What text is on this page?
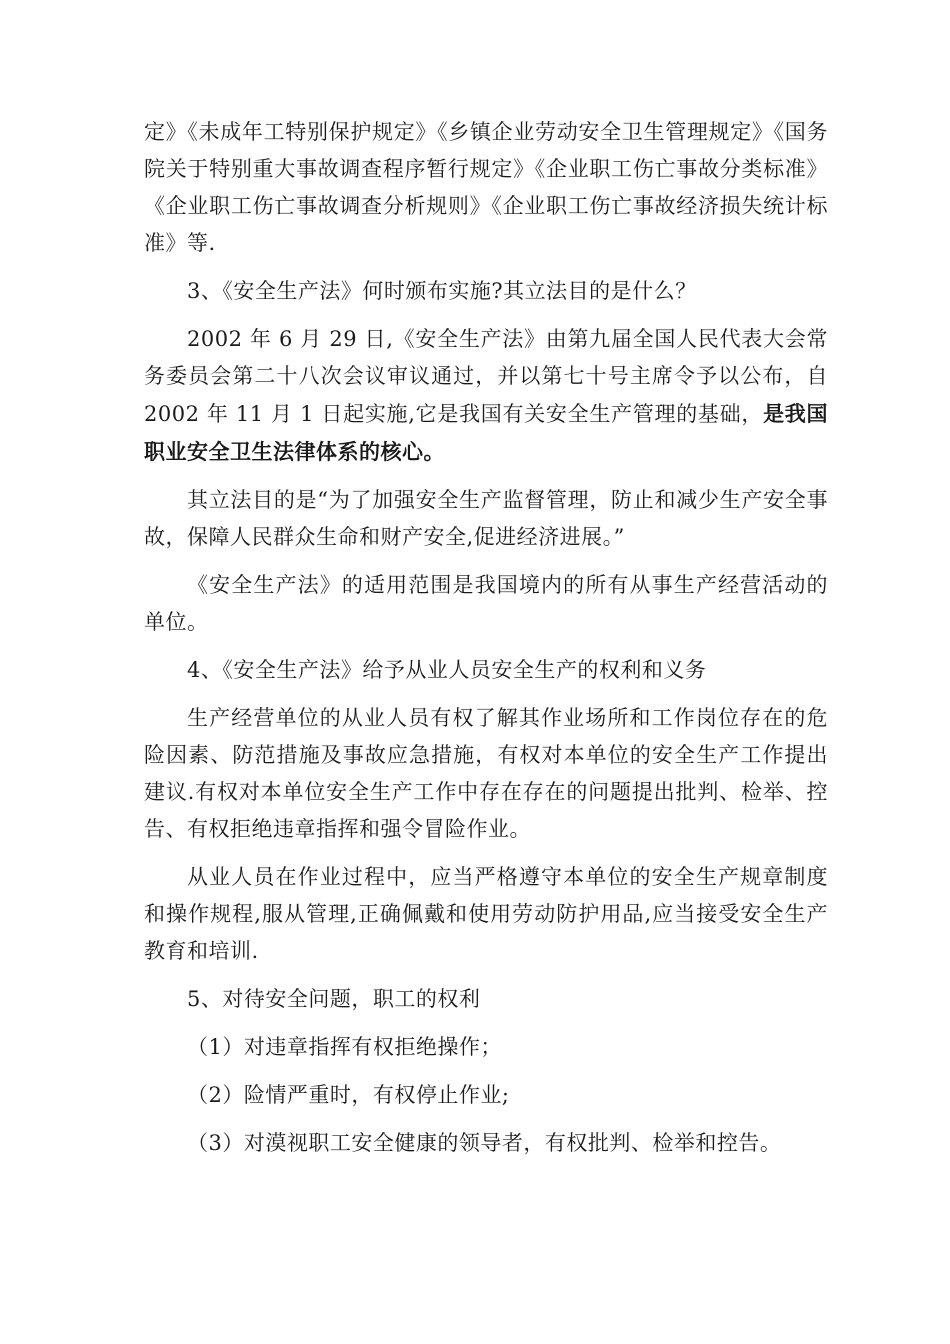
定》《未成年工特别保护规定》《乡镇企业劳动安全卫生管理规定》《国务院关于特别重大事故调查程序暂行规定》《企业职工伤亡事故分类标准》《企业职工伤亡事故调查分析规则》《企业职工伤亡事故经济损失统计标准》等.

3、《安全生产法》何时颁布实施?其立法目的是什么？

2002 年 6 月 29 日,《安全生产法》由第九届全国人民代表大会常务委员会第二十八次会议审议通过，并以第七十号主席令予以公布，自 2002 年 11 月 1 日起实施,它是我国有关安全生产管理的基础，是我国职业安全卫生法律体系的核心。

其立法目的是“为了加强安全生产监督管理，防止和减少生产安全事故，保障人民群众生命和财产安全,促进经济进展。”

《安全生产法》的适用范围是我国境内的所有从事生产经营活动的单位。

4、《安全生产法》给予从业人员安全生产的权利和义务

生产经营单位的从业人员有权了解其作业场所和工作岗位存在的危险因素、防范措施及事故应急措施，有权对本单位的安全生产工作提出建议.有权对本单位安全生产工作中存在存在的问题提出批判、检举、控告、有权拒绝违章指挥和强令冒险作业。

从业人员在作业过程中，应当严格遵守本单位的安全生产规章制度和操作规程,服从管理,正确佩戴和使用劳动防护用品,应当接受安全生产教育和培训.

5、对待安全问题，职工的权利

（1）对违章指挥有权拒绝操作；

（2）险情严重时，有权停止作业;

（3）对漠视职工安全健康的领导者，有权批判、检举和控告。
